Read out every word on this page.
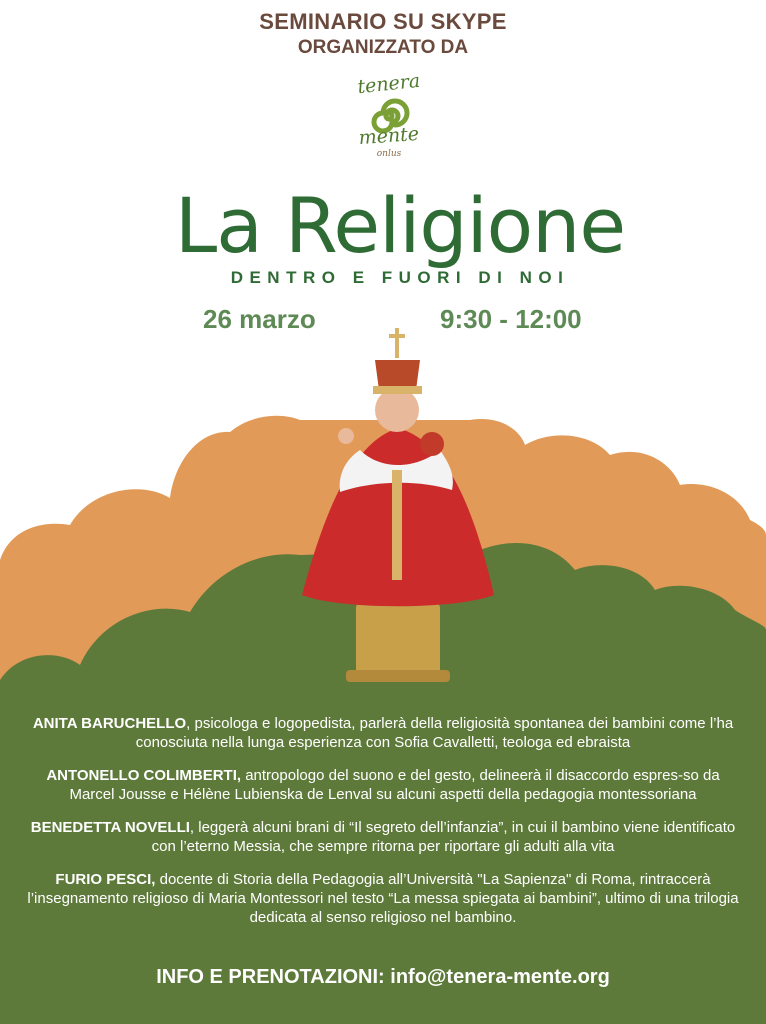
SEMINARIO SU SKYPE
ORGANIZZATO DA
tenera
mente
onlus
La Religione
DENTRO E FUORI DI NOI
26 marzo	9:30 - 12:00

ANITA BARUCHELLO, psicologa e logopedista, parlerà della religiosità spontanea dei bambini come l’ha conosciuta nella lunga esperienza con Sofia Cavalletti, teologa ed ebraista

ANTONELLO COLIMBERTI, antropologo del suono e del gesto, delineerà il disaccordo espres-so da Marcel Jousse e Hélène Lubienska de Lenval su alcuni aspetti della pedagogia montessoriana

BENEDETTA NOVELLI, leggerà alcuni brani di “Il segreto dell’infanzia”, in cui il bambino viene identificato con l’eterno Messia, che sempre ritorna per riportare gli adulti alla vita

FURIO PESCI, docente di Storia della Pedagogia all’Università "La Sapienza" di Roma, rintraccerà l’insegnamento religioso di Maria Montessori nel testo “La messa spiegata ai bambini”, ultimo di una trilogia dedicata al senso religioso nel bambino.

INFO E PRENOTAZIONI: info@tenera-mente.org
